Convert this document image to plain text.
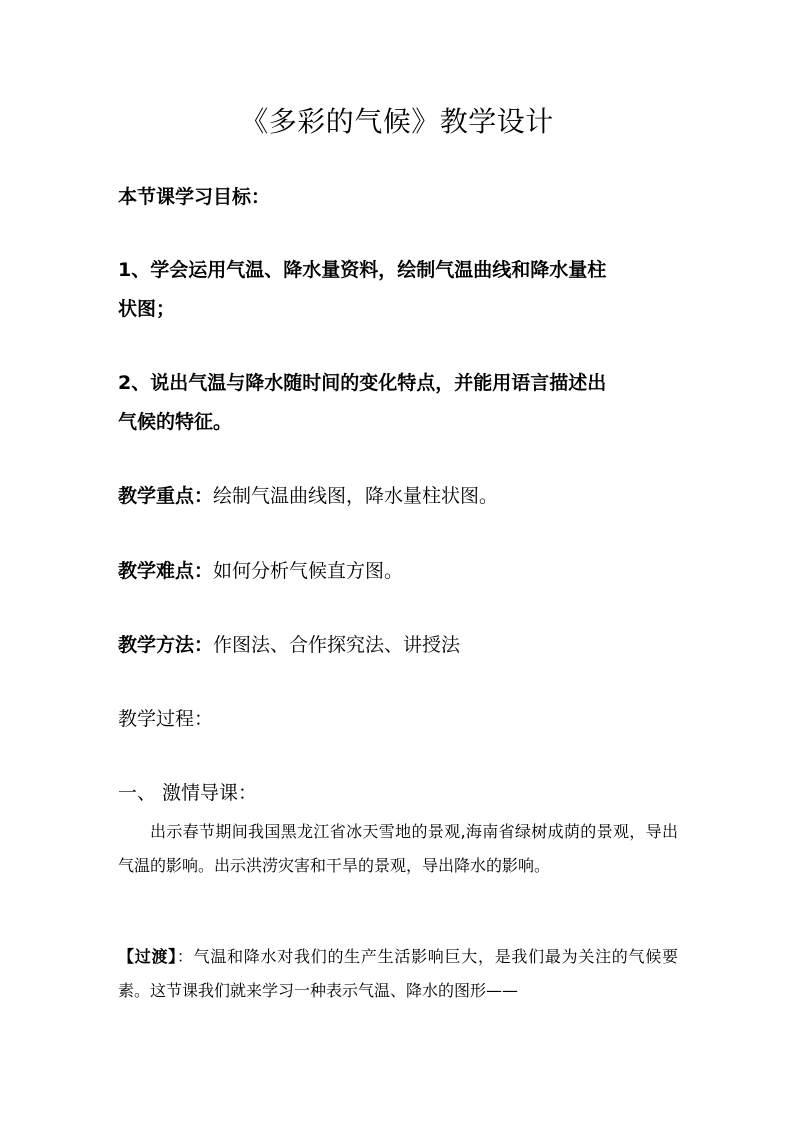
《多彩的气候》教学设计
本节课学习目标：
1、学会运用气温、降水量资料，绘制气温曲线和降水量柱
状图；
2、说出气温与降水随时间的变化特点，并能用语言描述出
气候的特征。
教学重点：绘制气温曲线图，降水量柱状图。
教学难点：如何分析气候直方图。
教学方法：作图法、合作探究法、讲授法
教学过程：
一、 激情导课：

出示春节期间我国黑龙江省冰天雪地的景观,海南省绿树成荫的景观，导出气温的影响。出示洪涝灾害和干旱的景观，导出降水的影响。

【过渡】：气温和降水对我们的生产生活影响巨大，是我们最为关注的气候要素。这节课我们就来学习一种表示气温、降水的图形——
